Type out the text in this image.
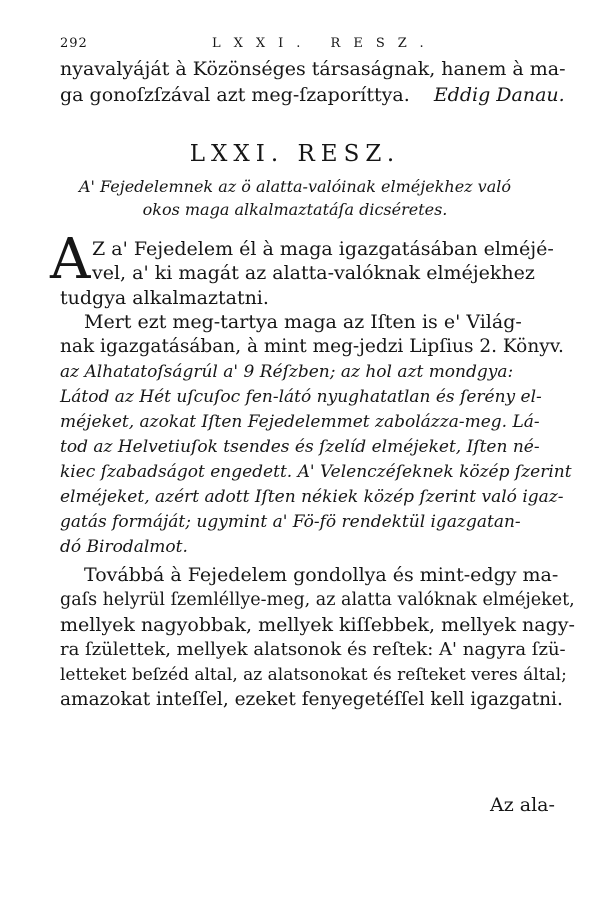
292	LXXI. RESZ.
nyavalyáját à Közönséges társaságnak, hanem à ma-
ga gonoſzſzával azt meg-ſzaporíttya. Eddig Danau.
LXXI. RESZ.
A' Fejedelemnek az ö alatta-valóinak elméjekhez való
okos maga alkalmaztatáſa dicséretes.
A Z a' Fejedelem él à maga igazgatásában elméjé-
vel, a' ki magát az alatta-valóknak elméjekhez
tudgya alkalmaztatni.
Mert ezt meg-tartya maga az Iſten is e' Világ-
nak igazgatásában, à mint meg-jedzi Lipſius 2. Könyv.
az Alhatatoſságrúl a' 9 Réſzben; az hol azt mondgya:
Látod az Hét uſcuſoc fen-látó nyughatatlan és ſerény el-
méjeket, azokat Iſten Fejedelemmet zabolázza-meg. Lá-
tod az Helvetiuſok tsendes és ſzelíd elméjeket, Iſten né-
kiec ſzabadságot engedett. A' Velenczéſeknek közép ſzerint
elméjeket, azért adott Iſten nékiek közép ſzerint való igaz-
gatás formáját; ugymint a' Fö-fö rendektül igazgatan-
dó Birodalmot.
Továbbá à Fejedelem gondollya és mint-edgy ma-
gaſs helyrül ſzemléllye-meg, az alatta valóknak elméjeket,
mellyek nagyobbak, mellyek kiſſebbek, mellyek nagy-
ra ſzülettek, mellyek alatsonok és reſtek: A' nagyra ſzü-
letteket beſzéd altal, az alatsonokat és reſteket veres által;
amazokat inteſſel, ezeket fenyegetéſſel kell igazgatni.
Az ala-
